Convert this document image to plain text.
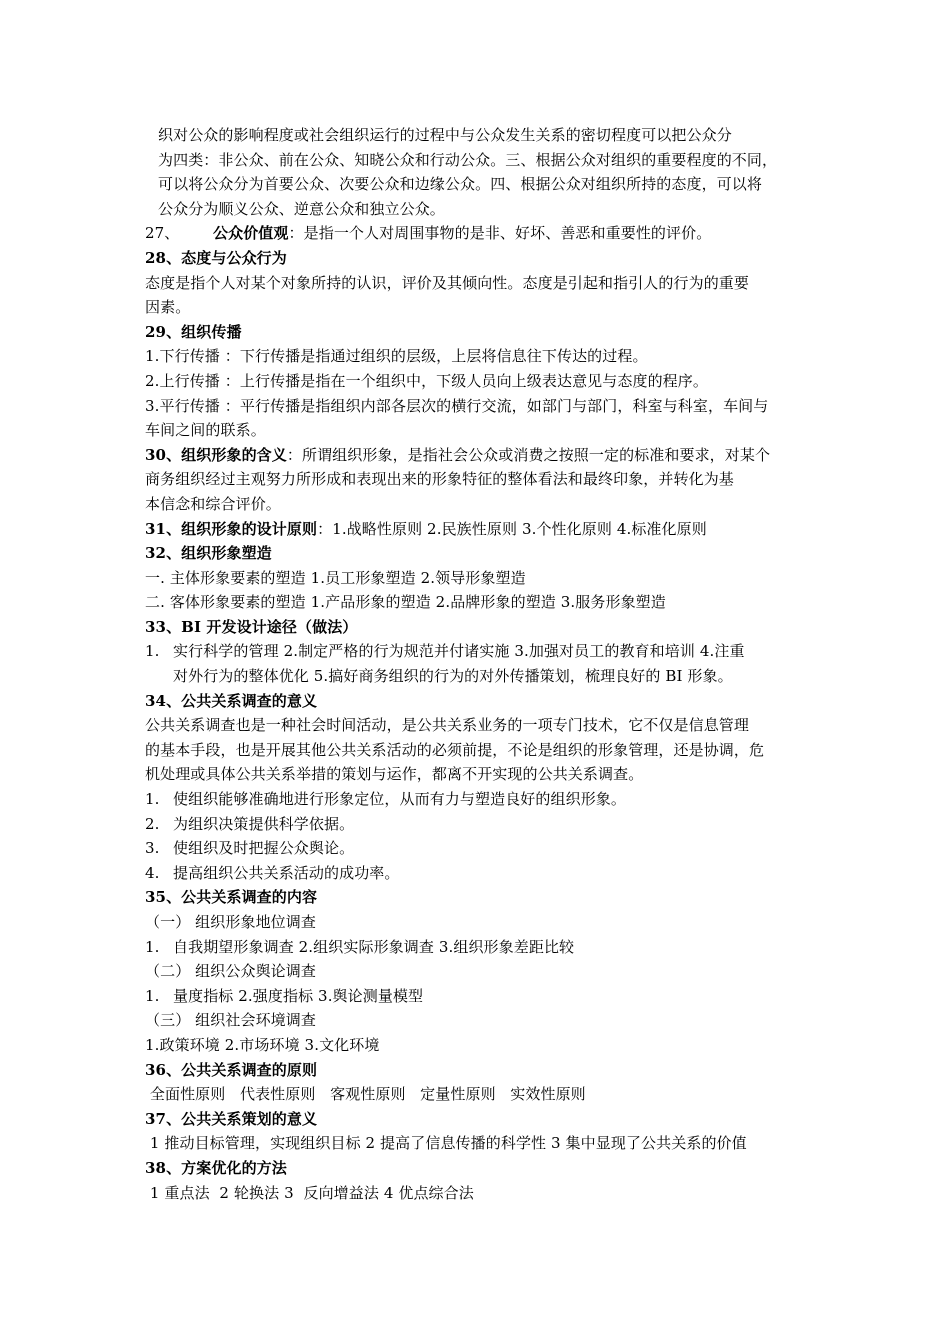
织对公众的影响程度或社会组织运行的过程中与公众发生关系的密切程度可以把公众分
为四类：非公众、前在公众、知晓公众和行动公众。三、根据公众对组织的重要程度的不同，
可以将公众分为首要公众、次要公众和边缘公众。四、根据公众对组织所持的态度，可以将
公众分为顺义公众、逆意公众和独立公众。
27、 公众价值观：是指一个人对周围事物的是非、好坏、善恶和重要性的评价。
28、态度与公众行为
态度是指个人对某个对象所持的认识，评价及其倾向性。态度是引起和指引人的行为的重要
因素。
29、组织传播
1.下行传播 ：下行传播是指通过组织的层级，上层将信息往下传达的过程。
2.上行传播 ：上行传播是指在一个组织中，下级人员向上级表达意见与态度的程序。
3.平行传播 ：平行传播是指组织内部各层次的横行交流，如部门与部门，科室与科室，车间与
车间之间的联系。
30、组织形象的含义：所谓组织形象，是指社会公众或消费之按照一定的标准和要求，对某个
商务组织经过主观努力所形成和表现出来的形象特征的整体看法和最终印象，并转化为基
本信念和综合评价。
31、组织形象的设计原则：1.战略性原则 2.民族性原则 3.个性化原则 4.标准化原则
32、组织形象塑造
一. 主体形象要素的塑造 1.员工形象塑造 2.领导形象塑造
二. 客体形象要素的塑造 1.产品形象的塑造 2.品牌形象的塑造 3.服务形象塑造
33、BI 开发设计途径（做法）
1. 实行科学的管理 2.制定严格的行为规范并付诸实施 3.加强对员工的教育和培训 4.注重
对外行为的整体优化 5.搞好商务组织的行为的对外传播策划，梳理良好的 BI 形象。
34、公共关系调查的意义
公共关系调查也是一种社会时间活动，是公共关系业务的一项专门技术，它不仅是信息管理
的基本手段，也是开展其他公共关系活动的必须前提，不论是组织的形象管理，还是协调，危
机处理或具体公共关系举措的策划与运作，都离不开实现的公共关系调查。
1. 使组织能够准确地进行形象定位，从而有力与塑造良好的组织形象。
2. 为组织决策提供科学依据。
3. 使组织及时把握公众舆论。
4. 提高组织公共关系活动的成功率。
35、公共关系调查的内容
（一） 组织形象地位调查
1. 自我期望形象调查 2.组织实际形象调查 3.组织形象差距比较
（二） 组织公众舆论调查
1. 量度指标 2.强度指标 3.舆论测量模型
（三） 组织社会环境调查
1.政策环境 2.市场环境 3.文化环境
36、公共关系调查的原则
全面性原则   代表性原则   客观性原则   定量性原则   实效性原则
37、公共关系策划的意义
1 推动目标管理，实现组织目标 2 提高了信息传播的科学性 3 集中显现了公共关系的价值
38、方案优化的方法
1 重点法  2 轮换法 3  反向增益法 4 优点综合法
